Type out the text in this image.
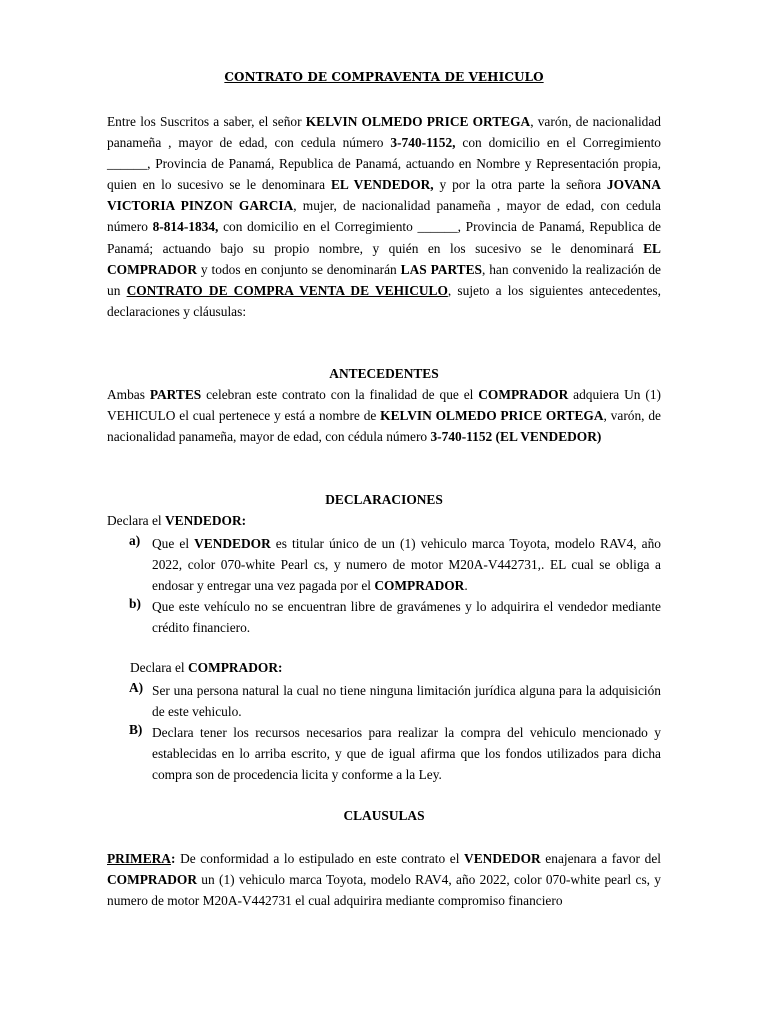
CONTRATO DE COMPRAVENTA DE VEHICULO
Entre los Suscritos a saber, el señor KELVIN OLMEDO PRICE ORTEGA, varón, de nacionalidad panameña , mayor de edad, con cedula número 3-740-1152, con domicilio en el Corregimiento ______, Provincia de Panamá, Republica de Panamá, actuando en Nombre y Representación propia, quien en lo sucesivo se le denominara EL VENDEDOR, y por la otra parte la señora JOVANA VICTORIA PINZON GARCIA, mujer, de nacionalidad panameña , mayor de edad, con cedula número 8-814-1834, con domicilio en el Corregimiento ______, Provincia de Panamá, Republica de Panamá; actuando bajo su propio nombre, y quién en los sucesivo se le denominará EL COMPRADOR y todos en conjunto se denominarán LAS PARTES, han convenido la realización de un CONTRATO DE COMPRA VENTA DE VEHICULO, sujeto a los siguientes antecedentes, declaraciones y cláusulas:
ANTECEDENTES
Ambas PARTES celebran este contrato con la finalidad de que el COMPRADOR adquiera Un (1) VEHICULO el cual pertenece y está a nombre de KELVIN OLMEDO PRICE ORTEGA, varón, de nacionalidad panameña, mayor de edad, con cédula número 3-740-1152 (EL VENDEDOR)
DECLARACIONES
Declara el VENDEDOR:
a) Que el VENDEDOR es titular único de un (1) vehiculo marca Toyota, modelo RAV4, año 2022, color 070-white Pearl cs, y numero de motor M20A-V442731,. EL cual se obliga a endosar y entregar una vez pagada por el COMPRADOR.
b) Que este vehículo no se encuentran libre de gravámenes y lo adquirira el vendedor mediante crédito financiero.
Declara el COMPRADOR:
A) Ser una persona natural la cual no tiene ninguna limitación jurídica alguna para la adquisición de este vehiculo.
B) Declara tener los recursos necesarios para realizar la compra del vehiculo mencionado y establecidas en lo arriba escrito, y que de igual afirma que los fondos utilizados para dicha compra son de procedencia licita y conforme a la Ley.
CLAUSULAS
PRIMERA: De conformidad a lo estipulado en este contrato el VENDEDOR enajenara a favor del COMPRADOR un (1) vehiculo marca Toyota, modelo RAV4, año 2022, color 070-white pearl cs, y numero de motor M20A-V442731 el cual adquirira mediante compromiso financiero
